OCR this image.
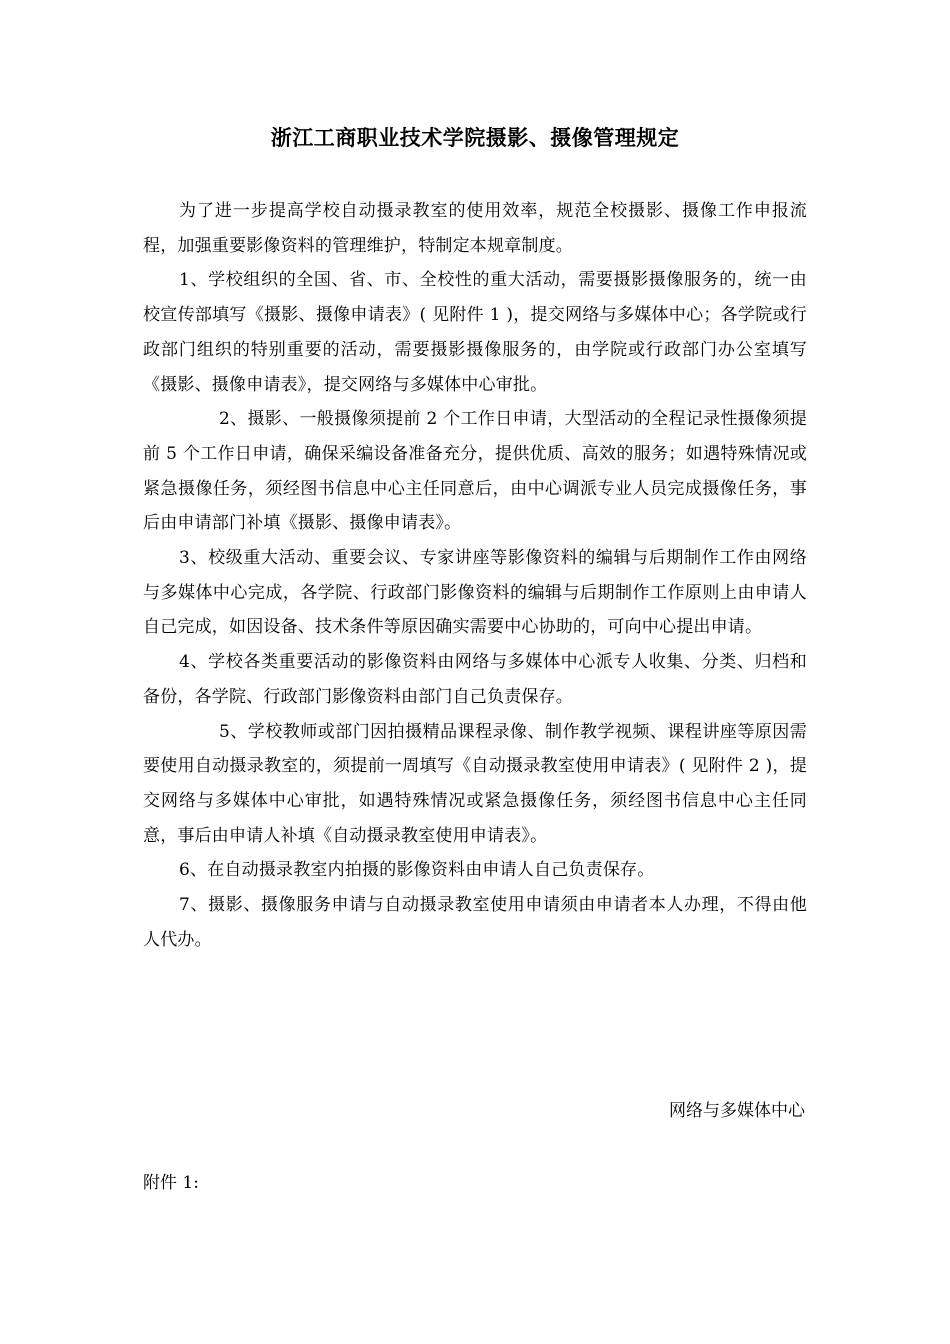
浙江工商职业技术学院摄影、摄像管理规定

为了进一步提高学校自动摄录教室的使用效率，规范全校摄影、摄像工作申报流程，加强重要影像资料的管理维护，特制定本规章制度。

1、学校组织的全国、省、市、全校性的重大活动，需要摄影摄像服务的，统一由校宣传部填写《摄影、摄像申请表》( 见附件 1 )，提交网络与多媒体中心；各学院或行政部门组织的特别重要的活动，需要摄影摄像服务的，由学院或行政部门办公室填写《摄影、摄像申请表》，提交网络与多媒体中心审批。

2、摄影、一般摄像须提前 2 个工作日申请，大型活动的全程记录性摄像须提前 5 个工作日申请，确保采编设备准备充分，提供优质、高效的服务；如遇特殊情况或紧急摄像任务，须经图书信息中心主任同意后，由中心调派专业人员完成摄像任务，事后由申请部门补填《摄影、摄像申请表》。

3、校级重大活动、重要会议、专家讲座等影像资料的编辑与后期制作工作由网络与多媒体中心完成，各学院、行政部门影像资料的编辑与后期制作工作原则上由申请人自己完成，如因设备、技术条件等原因确实需要中心协助的，可向中心提出申请。

4、学校各类重要活动的影像资料由网络与多媒体中心派专人收集、分类、归档和备份，各学院、行政部门影像资料由部门自己负责保存。

5、学校教师或部门因拍摄精品课程录像、制作教学视频、课程讲座等原因需要使用自动摄录教室的，须提前一周填写《自动摄录教室使用申请表》( 见附件 2 )，提交网络与多媒体中心审批，如遇特殊情况或紧急摄像任务，须经图书信息中心主任同意，事后由申请人补填《自动摄录教室使用申请表》。

6、在自动摄录教室内拍摄的影像资料由申请人自己负责保存。

7、摄影、摄像服务申请与自动摄录教室使用申请须由申请者本人办理，不得由他人代办。

网络与多媒体中心
附件 1:
